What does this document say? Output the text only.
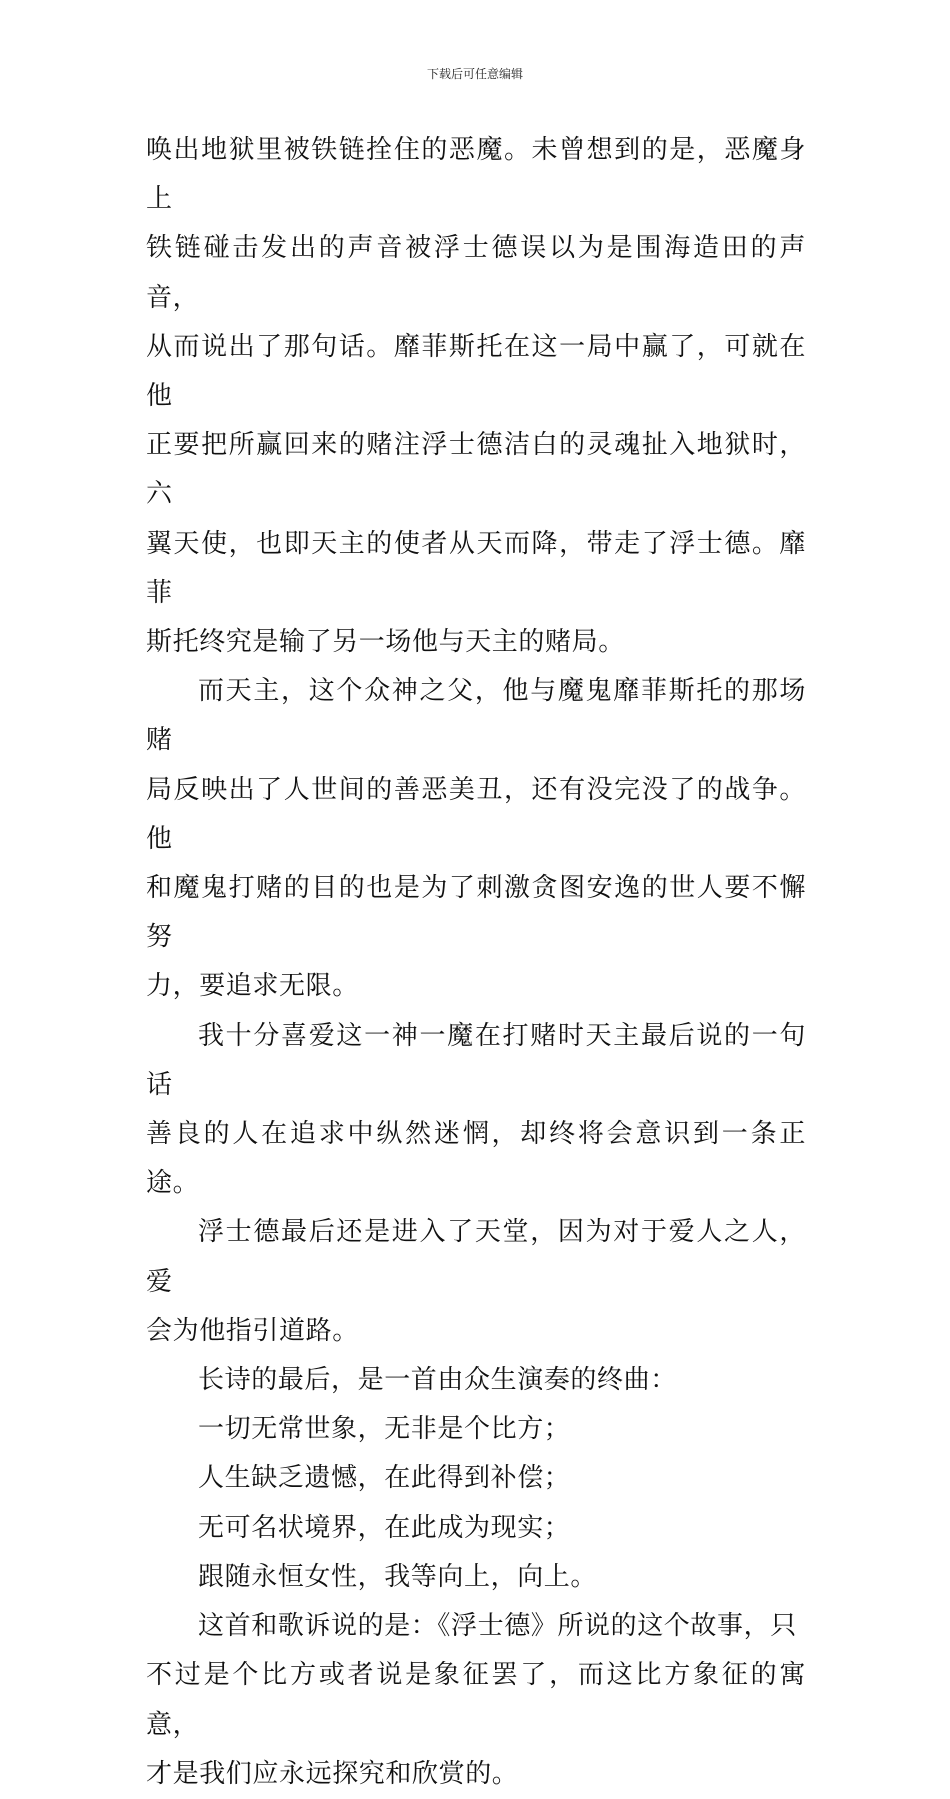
下载后可任意编辑

唤出地狱里被铁链拴住的恶魔。未曾想到的是，恶魔身上
铁链碰击发出的声音被浮士德误以为是围海造田的声音，
从而说出了那句话。靡菲斯托在这一局中赢了，可就在他
正要把所赢回来的赌注浮士德洁白的灵魂扯入地狱时，六
翼天使，也即天主的使者从天而降，带走了浮士德。靡菲
斯托终究是输了另一场他与天主的赌局。

而天主，这个众神之父，他与魔鬼靡菲斯托的那场赌
局反映出了人世间的善恶美丑，还有没完没了的战争。他
和魔鬼打赌的目的也是为了刺激贪图安逸的世人要不懈努
力，要追求无限。

我十分喜爱这一神一魔在打赌时天主最后说的一句话
善良的人在追求中纵然迷惘，却终将会意识到一条正途。

浮士德最后还是进入了天堂，因为对于爱人之人，爱
会为他指引道路。

长诗的最后，是一首由众生演奏的终曲：

一切无常世象，无非是个比方；

人生缺乏遗憾，在此得到补偿；

无可名状境界，在此成为现实；

跟随永恒女性，我等向上，向上。

这首和歌诉说的是：《浮士德》所说的这个故事，只
不过是个比方或者说是象征罢了，而这比方象征的寓意，
才是我们应永远探究和欣赏的。
